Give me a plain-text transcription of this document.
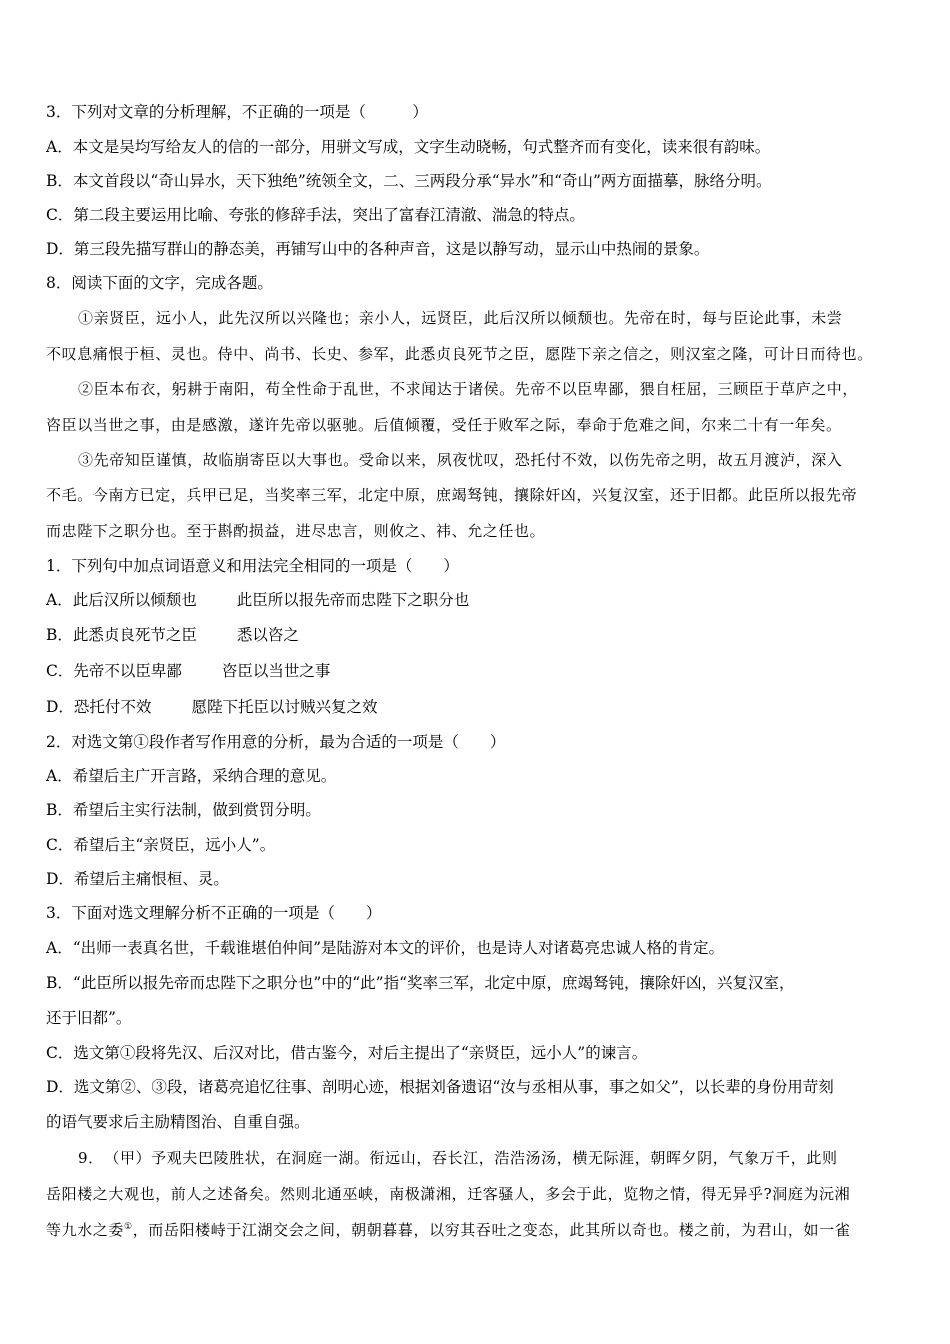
3．下列对文章的分析理解，不正确的一项是（　　　）
A．本文是吴均写给友人的信的一部分，用骈文写成，文字生动晓畅，句式整齐而有变化，读来很有韵味。
B．本文首段以“奇山异水，天下独绝”统领全文，二、三两段分承“异水”和“奇山”两方面描摹，脉络分明。
C．第二段主要运用比喻、夸张的修辞手法，突出了富春江清澈、湍急的特点。
D．第三段先描写群山的静态美，再铺写山中的各种声音，这是以静写动，显示山中热闹的景象。
8．阅读下面的文字，完成各题。
①亲贤臣，远小人，此先汉所以兴隆也；亲小人，远贤臣，此后汉所以倾颓也。先帝在时，每与臣论此事，未尝
不叹息痛恨于桓、灵也。侍中、尚书、长史、参军，此悉贞良死节之臣，愿陛下亲之信之，则汉室之隆，可计日而待也。
②臣本布衣，躬耕于南阳，苟全性命于乱世，不求闻达于诸侯。先帝不以臣卑鄙，猥自枉屈，三顾臣于草庐之中，
咨臣以当世之事，由是感激，遂许先帝以驱驰。后值倾覆，受任于败军之际，奉命于危难之间，尔来二十有一年矣。
③先帝知臣谨慎，故临崩寄臣以大事也。受命以来，夙夜忧叹，恐托付不效，以伤先帝之明，故五月渡泸，深入
不毛。今南方已定，兵甲已足，当奖率三军，北定中原，庶竭驽钝，攘除奸凶，兴复汉室，还于旧都。此臣所以报先帝
而忠陛下之职分也。至于斟酌损益，进尽忠言，则攸之、祎、允之任也。
1．下列句中加点词语意义和用法完全相同的一项是（　　）
A．此后汉所以倾颓也	此臣所以报先帝而忠陛下之职分也
B．此悉贞良死节之臣	悉以咨之
C．先帝不以臣卑鄙	咨臣以当世之事
D．恐托付不效	愿陛下托臣以讨贼兴复之效
2．对选文第①段作者写作用意的分析，最为合适的一项是（　　）
A．希望后主广开言路，采纳合理的意见。
B．希望后主实行法制，做到赏罚分明。
C．希望后主“亲贤臣，远小人”。
D．希望后主痛恨桓、灵。
3．下面对选文理解分析不正确的一项是（　　）
A．“出师一表真名世，千载谁堪伯仲间”是陆游对本文的评价，也是诗人对诸葛亮忠诚人格的肯定。
B．“此臣所以报先帝而忠陛下之职分也”中的“此”指“奖率三军，北定中原，庶竭驽钝，攘除奸凶，兴复汉室，
还于旧都”。
C．选文第①段将先汉、后汉对比，借古鉴今，对后主提出了“亲贤臣，远小人”的谏言。
D．选文第②、③段，诸葛亮追忆往事、剖明心迹，根据刘备遗诏“汝与丞相从事，事之如父”，以长辈的身份用苛刻
的语气要求后主励精图治、自重自强。
9．　（甲）予观夫巴陵胜状，在洞庭一湖。衔远山，吞长江，浩浩汤汤，横无际涯，朝晖夕阴，气象万千，此则
岳阳楼之大观也，前人之述备矣。然则北通巫峡，南极潇湘，迁客骚人，多会于此，览物之情，得无异乎?洞庭为沅湘
等九水之委①，而岳阳楼峙于江湖交会之间，朝朝暮暮，以穷其吞吐之变态，此其所以奇也。楼之前，为君山，如一雀
